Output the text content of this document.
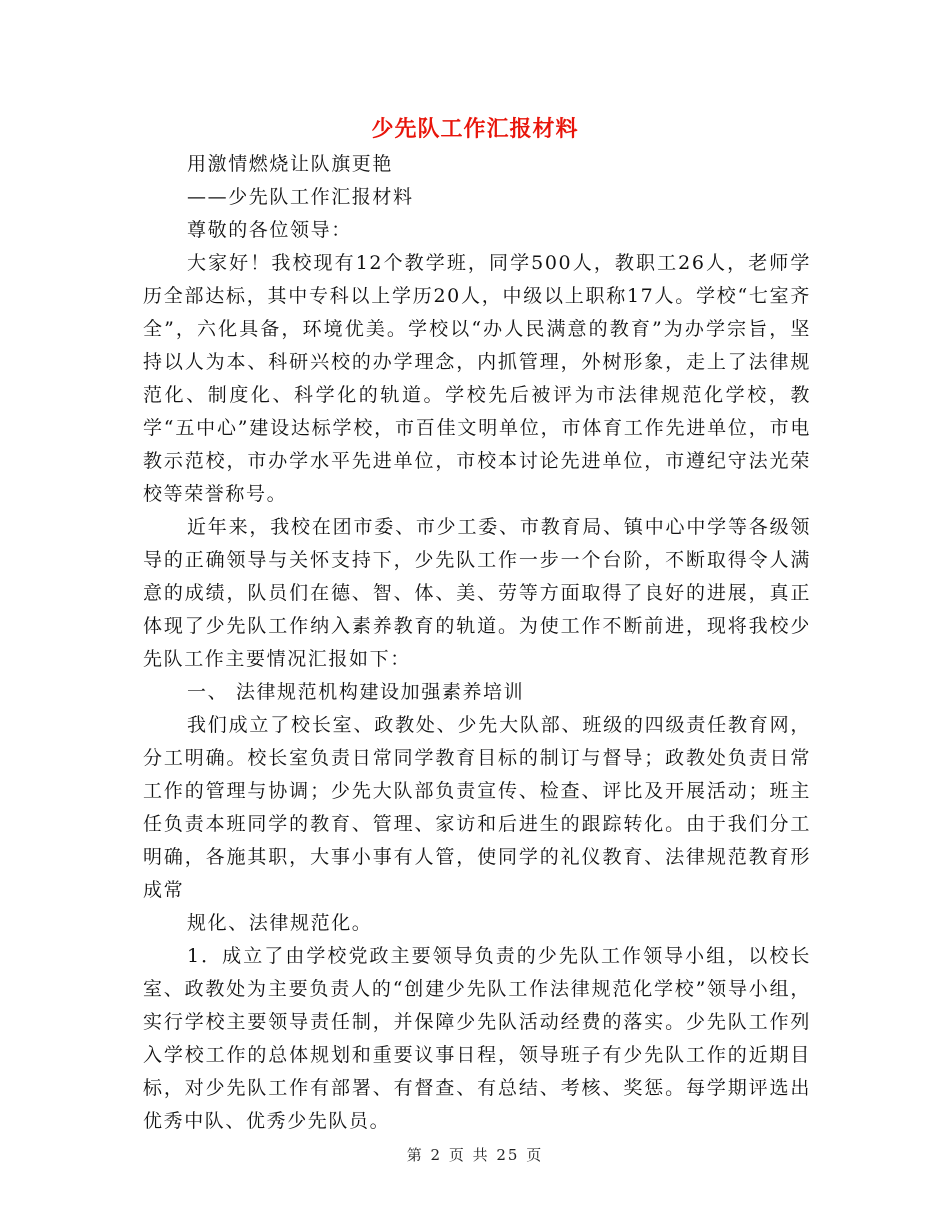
少先队工作汇报材料

用激情燃烧让队旗更艳

——少先队工作汇报材料

尊敬的各位领导：

大家好！我校现有12个教学班，同学500人，教职工26人，老师学历全部达标，其中专科以上学历20人，中级以上职称17人。学校“七室齐全”，六化具备，环境优美。学校以“办人民满意的教育”为办学宗旨，坚持以人为本、科研兴校的办学理念，内抓管理，外树形象，走上了法律规范化、制度化、科学化的轨道。学校先后被评为市法律规范化学校，教学“五中心”建设达标学校，市百佳文明单位，市体育工作先进单位，市电教示范校，市办学水平先进单位，市校本讨论先进单位，市遵纪守法光荣校等荣誉称号。

近年来，我校在团市委、市少工委、市教育局、镇中心中学等各级领导的正确领导与关怀支持下，少先队工作一步一个台阶，不断取得令人满意的成绩，队员们在德、智、体、美、劳等方面取得了良好的进展，真正体现了少先队工作纳入素养教育的轨道。为使工作不断前进，现将我校少先队工作主要情况汇报如下：

一、 法律规范机构建设加强素养培训

我们成立了校长室、政教处、少先大队部、班级的四级责任教育网，分工明确。校长室负责日常同学教育目标的制订与督导；政教处负责日常工作的管理与协调；少先大队部负责宣传、检查、评比及开展活动；班主任负责本班同学的教育、管理、家访和后进生的跟踪转化。由于我们分工明确，各施其职，大事小事有人管，使同学的礼仪教育、法律规范教育形成常

规化、法律规范化。

1．成立了由学校党政主要领导负责的少先队工作领导小组，以校长室、政教处为主要负责人的“创建少先队工作法律规范化学校”领导小组，实行学校主要领导责任制，并保障少先队活动经费的落实。少先队工作列入学校工作的总体规划和重要议事日程，领导班子有少先队工作的近期目标，对少先队工作有部署、有督查、有总结、考核、奖惩。每学期评选出优秀中队、优秀少先队员。

第 2 页 共 25 页
